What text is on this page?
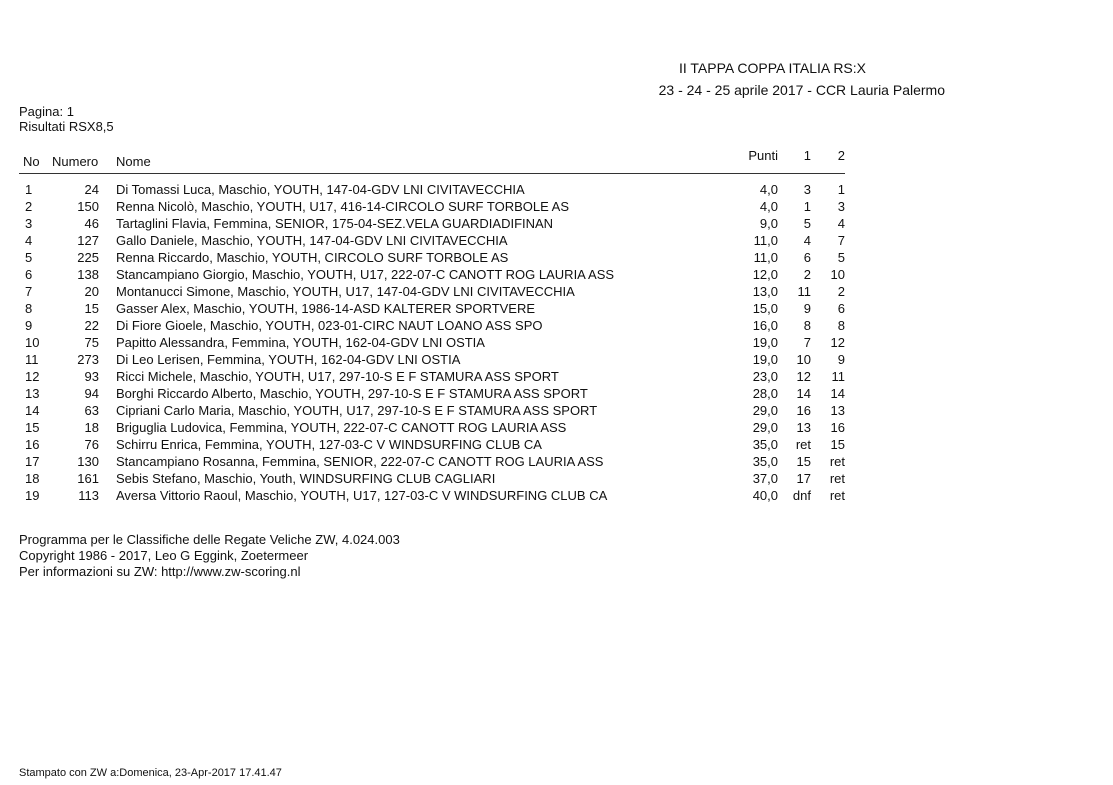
II TAPPA COPPA ITALIA RS:X
23 - 24 - 25 aprile 2017 - CCR Lauria Palermo
Pagina: 1
Risultati RSX8,5
No Numero Nome	Punti	1	2
1	24 Di Tomassi Luca, Maschio, YOUTH, 147-04-GDV LNI CIVITAVECCHIA	4,0	3	1
2	150 Renna Nicolò, Maschio, YOUTH, U17, 416-14-CIRCOLO SURF TORBOLE AS	4,0	1	3
3	46 Tartaglini Flavia, Femmina, SENIOR, 175-04-SEZ.VELA GUARDIADIFINAN	9,0	5	4
4	127 Gallo Daniele, Maschio, YOUTH, 147-04-GDV LNI CIVITAVECCHIA	11,0	4	7
5	225 Renna Riccardo, Maschio, YOUTH, CIRCOLO SURF TORBOLE AS	11,0	6	5
6	138 Stancampiano Giorgio, Maschio, YOUTH, U17, 222-07-C CANOTT ROG LAURIA ASS	12,0	2	10
7	20 Montanucci Simone, Maschio, YOUTH, U17, 147-04-GDV LNI CIVITAVECCHIA	13,0	11	2
8	15 Gasser Alex, Maschio, YOUTH, 1986-14-ASD KALTERER SPORTVERE	15,0	9	6
9	22 Di Fiore Gioele, Maschio, YOUTH, 023-01-CIRC NAUT LOANO ASS SPO	16,0	8	8
10	75 Papitto Alessandra, Femmina, YOUTH, 162-04-GDV LNI OSTIA	19,0	7	12
11	273 Di Leo Lerisen, Femmina, YOUTH, 162-04-GDV LNI OSTIA	19,0	10	9
12	93 Ricci Michele, Maschio, YOUTH, U17, 297-10-S E F STAMURA ASS SPORT	23,0	12	11
13	94 Borghi Riccardo Alberto, Maschio, YOUTH, 297-10-S E F STAMURA ASS SPORT	28,0	14	14
14	63 Cipriani Carlo Maria, Maschio, YOUTH, U17, 297-10-S E F STAMURA ASS SPORT	29,0	16	13
15	18 Briguglia Ludovica, Femmina, YOUTH, 222-07-C CANOTT ROG LAURIA ASS	29,0	13	16
16	76 Schirru Enrica, Femmina, YOUTH, 127-03-C V WINDSURFING CLUB CA	35,0	ret	15
17	130 Stancampiano Rosanna, Femmina, SENIOR, 222-07-C CANOTT ROG LAURIA ASS	35,0	15	ret
18	161 Sebis Stefano, Maschio, Youth, WINDSURFING CLUB CAGLIARI	37,0	17	ret
19	113 Aversa Vittorio Raoul, Maschio, YOUTH, U17, 127-03-C V WINDSURFING CLUB CA	40,0	dnf	ret
Programma per le Classifiche delle Regate Veliche ZW, 4.024.003
Copyright 1986 - 2017, Leo G Eggink, Zoetermeer
Per informazioni su ZW: http://www.zw-scoring.nl
Stampato con ZW a:Domenica, 23-Apr-2017 17.41.47
